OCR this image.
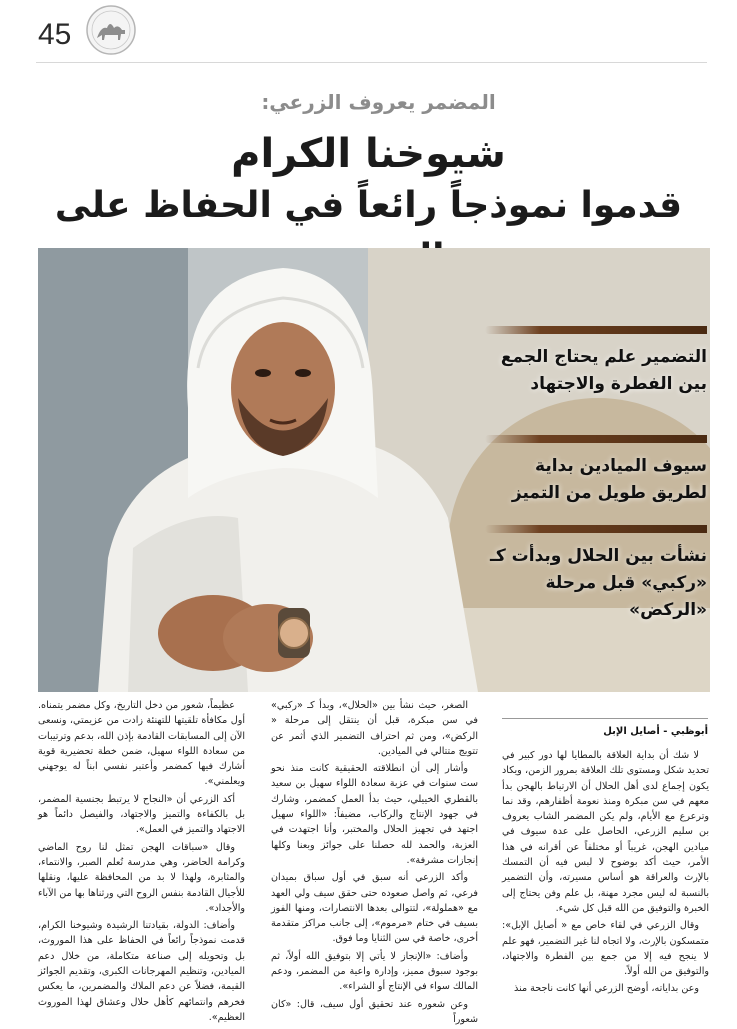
45
المضمر يعروف الزرعي:
شيوخنا الكرام
قدموا نموذجاً رائعاً في الحفاظ على
التضمير علم يحتاج الجمع بين الفطرة والاجتهاد
سيوف الميادين بداية لطريق طويل من التميز
نشأت بين الحلال وبدأت كـ «ركبي» قبل مرحلة «الركض»
أبوظبي - أصايل الإبل

لا شك أن بداية العلاقة بالمطايا لها دور كبير في تحديد شكل ومستوى تلك العلاقة بمرور الزمن، ويكاد يكون إجماع لدى أهل الحلال أن الارتباط بالهجن بدأ معهم في سن مبكرة ومنذ نعومة أظفارهم، وقد نما وترعرع مع الأيام، ولم يكن المضمر الشاب يعروف بن سليم الزرعي، الحاصل على عدة سيوف في ميادين الهجن، غريباً أو مختلفاً عن أقرانه في هذا الأمر، حيث أكد بوضوح لا لبس فيه أن التمسك بالإرث والعراقة هو أساس مسيرته، وأن التضمير بالنسبة له ليس مجرد مهنة، بل علم وفن يحتاج إلى الخبرة والتوفيق من الله قبل كل شيء.

وقال الزرعي في لقاء خاص مع « أصايل الإبل»: متمسكون بالإرث، ولا اتجاه لنا غير التضمير، فهو علم لا ينجح فيه إلا من جمع بين الفطرة والاجتهاد، والتوفيق من الله أولاً.

وعن بداياته، أوضح الزرعي أنها كانت ناجحة منذ

الصغر، حيث نشأ بين «الحلال»، وبدأ كـ «ركبي» في سن مبكرة، قبل أن ينتقل إلى مرحلة « الركض»، ومن ثم احتراف التضمير الذي أثمر عن تتويج متتالي في الميادين.

وأشار إلى أن انطلاقته الحقيقية كانت منذ نحو ست سنوات في عزبة سعادة اللواء سهيل بن سعيد بالقطري الخييلي، حيث بدأ العمل كمضمر، وشارك في جهود الإنتاج والركاب، مضيفاً: «اللواء سهيل اجتهد في تجهيز الحلال والمختبر، وأنا اجتهدت في العزبة، والحمد لله حصلنا على جوائز وبعنا وكلها إنجازات مشرفة».

وأكد الزرعي أنه سبق في أول سباق بميدان فرعي، ثم واصل صعوده حتى حقق سيف ولي العهد مع «هملولة»، لتتوالى بعدها الانتصارات، ومنها الفوز بسيف في ختام «مرموم»، إلى جانب مراكز متقدمة أخرى، خاصة في سن الثنايا وما فوق.

وأضاف: «الإنجاز لا يأتي إلا بتوفيق الله أولاً، ثم بوجود سبوق مميز، وإدارة واعية من المضمر، ودعم المالك سواء في الإنتاج أو الشراء».

وعن شعوره عند تحقيق أول سيف، قال: «كان شعوراً

عظيماً، شعور من دخل التاريخ، وكل مضمر يتمناه. أول مكافأة تلقيتها للتهنئة زادت من عزيمتي، ونسعى الآن إلى المسابقات القادمة بإذن الله، بدعم وترتيبات من سعادة اللواء سهيل، ضمن خطة تحضيرية قوية أشارك فيها كمضمر وأعتبر نفسي ابناً له يوجهني ويعلمني».

أكد الزرعي أن «النجاح لا يرتبط بجنسية المضمر، بل بالكفاءة والتميز والاجتهاد، والفيصل دائماً هو الاجتهاد والتميز في العمل».

وقال «سباقات الهجن تمثل لنا روح الماضي وكرامة الحاضر، وهي مدرسة تُعلم الصبر، والانتماء، والمثابرة، ولهذا لا بد من المحافظة عليها، ونقلها للأجيال القادمة بنفس الروح التي ورثناها بها من الآباء والأجداد».

وأضاف: الدولة، بقيادتنا الرشيدة وشيوخنا الكرام، قدمت نموذجاً رائعاً في الحفاظ على هذا الموروث، بل وتحويله إلى صناعة متكاملة، من خلال دعم الميادين، وتنظيم المهرجانات الكبرى، وتقديم الجوائز القيمة، فضلاً عن دعم الملاك والمضمرين، ما يعكس فخرهم وانتمائهم كأهل حلال وعشاق لهذا الموروث العظيم».
